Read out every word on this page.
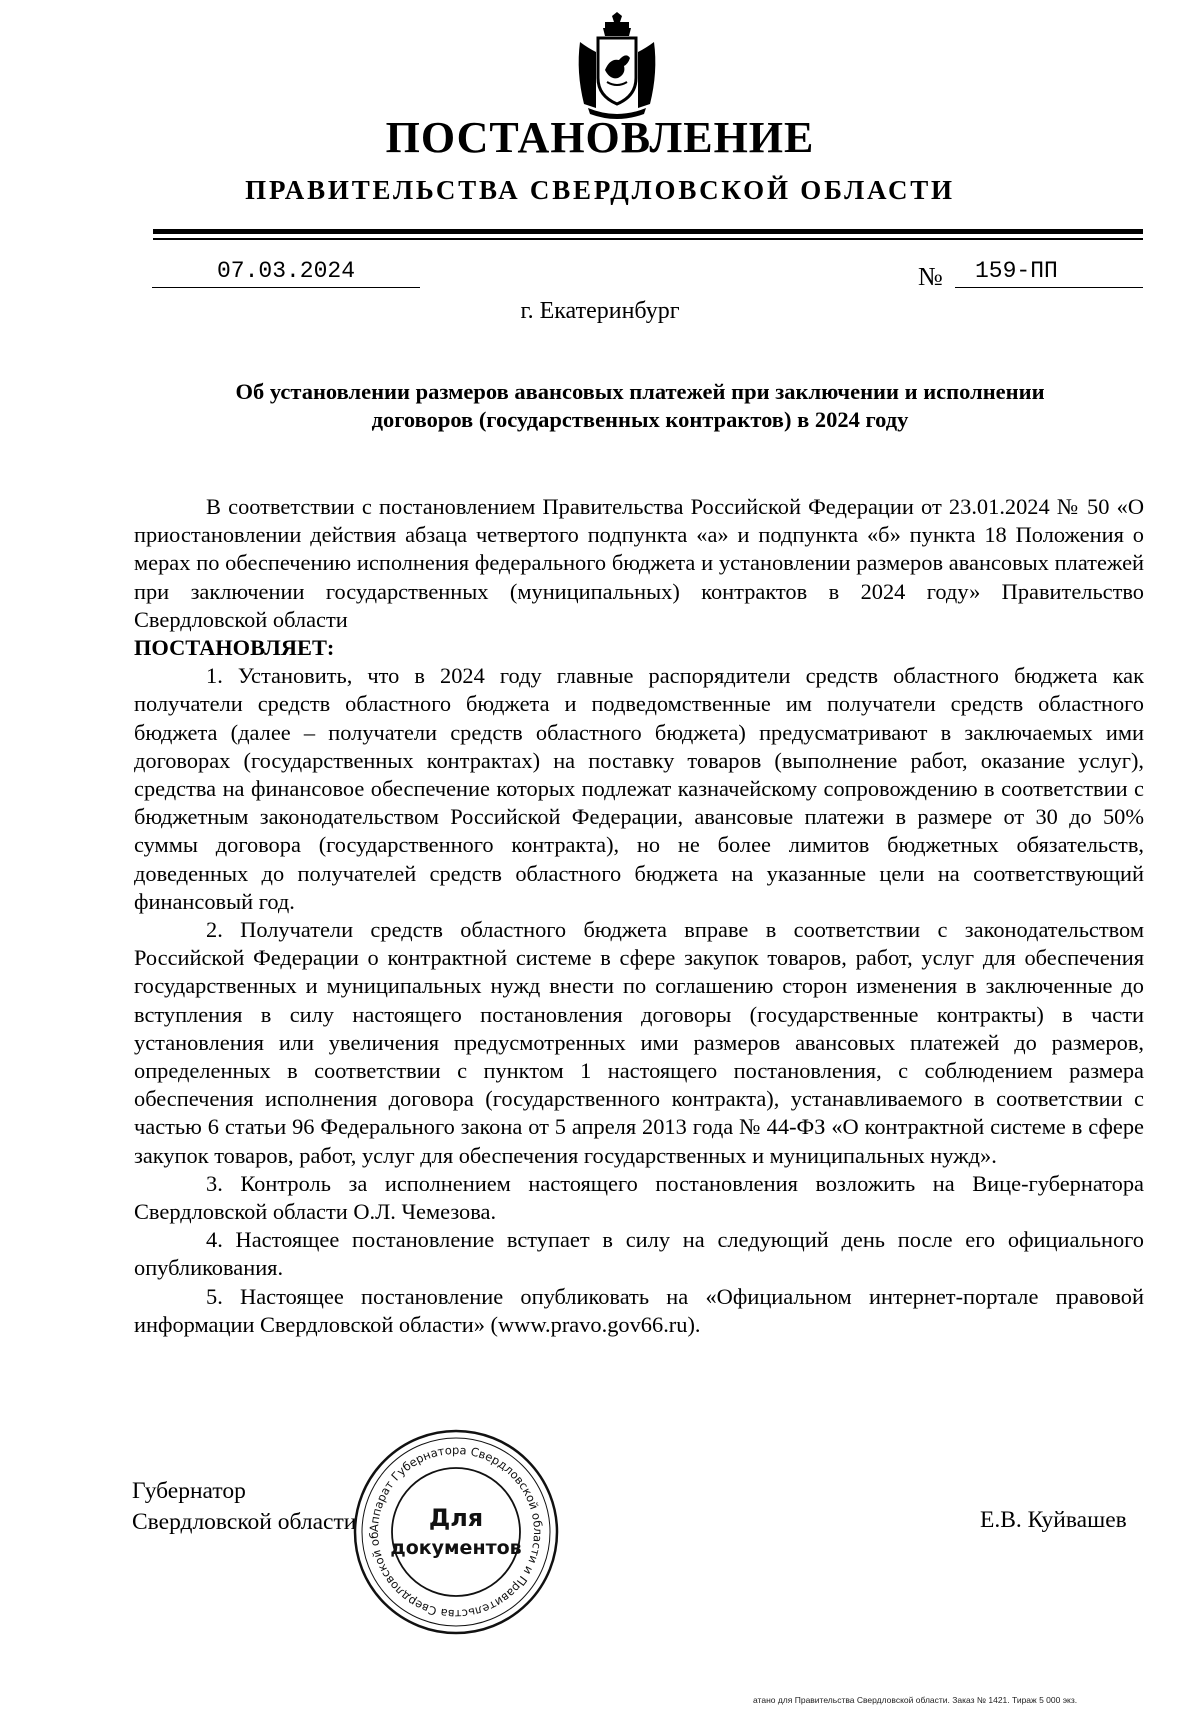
ПОСТАНОВЛЕНИЕ
ПРАВИТЕЛЬСТВА СВЕРДЛОВСКОЙ ОБЛАСТИ
07.03.2024	№ 159-ПП
г. Екатеринбург
Об установлении размеров авансовых платежей при заключении и исполнении
договоров (государственных контрактов) в 2024 году

В соответствии с постановлением Правительства Российской Федерации от 23.01.2024 № 50 «О приостановлении действия абзаца четвертого подпункта «а» и подпункта «б» пункта 18 Положения о мерах по обеспечению исполнения федерального бюджета и установлении размеров авансовых платежей при заключении государственных (муниципальных) контрактов в 2024 году» Правительство Свердловской области

ПОСТАНОВЛЯЕТ:

1. Установить, что в 2024 году главные распорядители средств областного бюджета как получатели средств областного бюджета и подведомственные им получатели средств областного бюджета (далее – получатели средств областного бюджета) предусматривают в заключаемых ими договорах (государственных контрактах) на поставку товаров (выполнение работ, оказание услуг), средства на финансовое обеспечение которых подлежат казначейскому сопровождению в соответствии с бюджетным законодательством Российской Федерации, авансовые платежи в размере от 30 до 50% суммы договора (государственного контракта), но не более лимитов бюджетных обязательств, доведенных до получателей средств областного бюджета на указанные цели на соответствующий финансовый год.

2. Получатели средств областного бюджета вправе в соответствии с законодательством Российской Федерации о контрактной системе в сфере закупок товаров, работ, услуг для обеспечения государственных и муниципальных нужд внести по соглашению сторон изменения в заключенные до вступления в силу настоящего постановления договоры (государственные контракты) в части установления или увеличения предусмотренных ими размеров авансовых платежей до размеров, определенных в соответствии с пунктом 1 настоящего постановления, с соблюдением размера обеспечения исполнения договора (государственного контракта), устанавливаемого в соответствии с частью 6 статьи 96 Федерального закона от 5 апреля 2013 года № 44-ФЗ «О контрактной системе в сфере закупок товаров, работ, услуг для обеспечения государственных и муниципальных нужд».

3. Контроль за исполнением настоящего постановления возложить на Вице-губернатора Свердловской области О.Л. Чемезова.

4. Настоящее постановление вступает в силу на следующий день после его официального опубликования.

5. Настоящее постановление опубликовать на «Официальном интернет-портале правовой информации Свердловской области» (www.pravo.gov66.ru).

Губернатор
Свердловской области	Е.В. Куйвашев
Аппарат Губернатора Свердловской области и Правительства Свердловской об
Для
документов
атано для Правительства Свердловской области. Заказ № 1421. Тираж 5 000 экз.
